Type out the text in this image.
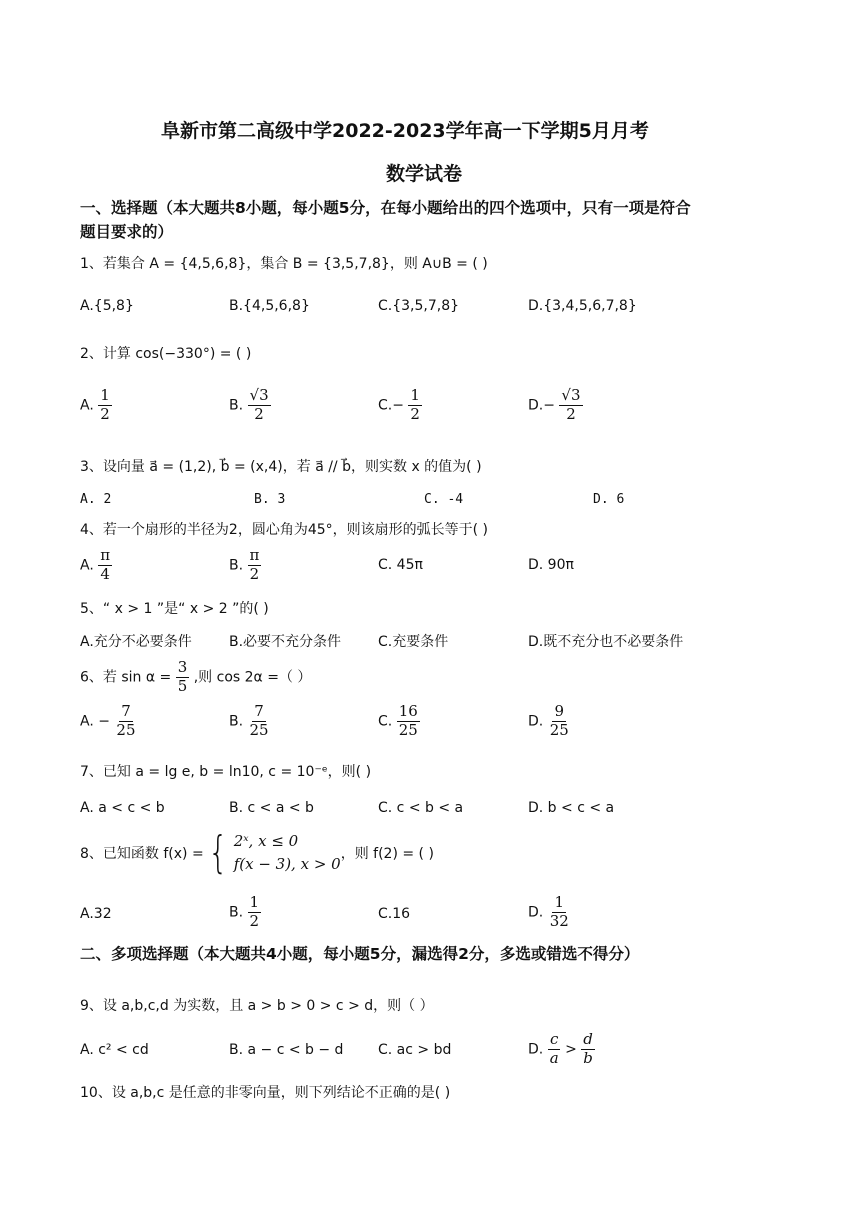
阜新市第二高级中学2022-2023学年高一下学期5月月考
数学试卷
一、选择题（本大题共8小题，每小题5分，在每小题给出的四个选项中，只有一项是符合
题目要求的）
1、若集合 A = {4,5,6,8}，集合 B = {3,5,7,8}，则 A∪B = ( )
A.{5,8}	B.{4,5,6,8}	C.{3,5,7,8}	D.{3,4,5,6,7,8}
2、计算 cos(−330°) = ( )
A. $\frac{1}{2}$	B. $\frac{√3}{2}$	$C.- \frac{1}{2}$	$D.- \frac{√3}{2}$
3、设向量 a⃗ = (1,2), b⃗ = (x,4)，若 a⃗ // b⃗，则实数 x 的值为( )
A. 2	B. 3	C. -4	D. 6
4、若一个扇形的半径为2，圆心角为45°，则该扇形的弧长等于( )
A. $\frac{\pi}{4}$	B. $\frac{\pi}{2}$	C. 45π	D. 90π
5、“ x > 1 ”是“ x > 2 ”的( )
A.充分不必要条件	B.必要不充分条件	C.充要条件	D.既不充分也不必要条件
6、若 $\sin \alpha = \frac{3}{5}$ ,则 cos 2α =（ ）
A. − $\frac{7}{25}$	B. $\frac{7}{25}$	C. $\frac{16}{25}$	D. $\frac{9}{25}$
7、已知 a = lg e, b = ln10, c = 10⁻ᵉ，则( )
A. a < c < b	B. c < a < b	C. c < b < a	D. b < c < a
8、已知函数 f(x) = { 2ˣ, x ≤ 0
f(x − 3), x > 0
，则 f(2) = ( )
A.32	B. $\frac{1}{2}$	C.16	D. $\frac{1}{32}$
二、多项选择题（本大题共4小题，每小题5分，漏选得2分，多选或错选不得分）
9、设 a,b,c,d 为实数，且 a > b > 0 > c > d，则（ ）
A. c² < cd	B. a − c < b − d C. ac > bd	D. $\frac{c}{a} > \frac{d}{b}$
10、设 a,b,c 是任意的非零向量，则下列结论不正确的是( )
